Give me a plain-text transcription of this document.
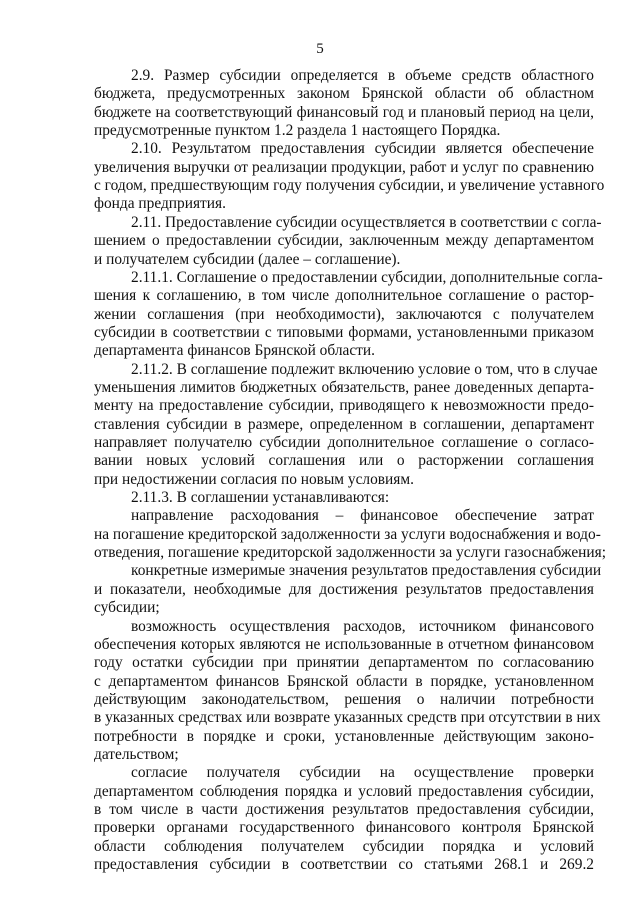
5
2.9. Размер субсидии определяется в объеме средств областного
бюджета, предусмотренных законом Брянской области об областном
бюджете на соответствующий финансовый год и плановый период на цели,
предусмотренные пунктом 1.2 раздела 1 настоящего Порядка.
2.10. Результатом предоставления субсидии является обеспечение
увеличения выручки от реализации продукции, работ и услуг по сравнению
с годом, предшествующим году получения субсидии, и увеличение уставного
фонда предприятия.
2.11. Предоставление субсидии осуществляется в соответствии с согла-
шением о предоставлении субсидии, заключенным между департаментом
и получателем субсидии (далее – соглашение).
2.11.1. Соглашение о предоставлении субсидии, дополнительные согла-
шения к соглашению, в том числе дополнительное соглашение о растор-
жении соглашения (при необходимости), заключаются с получателем
субсидии в соответствии с типовыми формами, установленными приказом
департамента финансов Брянской области.
2.11.2. В соглашение подлежит включению условие о том, что в случае
уменьшения лимитов бюджетных обязательств, ранее доведенных департа-
менту на предоставление субсидии, приводящего к невозможности предо-
ставления субсидии в размере, определенном в соглашении, департамент
направляет получателю субсидии дополнительное соглашение о согласо-
вании новых условий соглашения или о расторжении соглашения
при недостижении согласия по новым условиям.
2.11.3. В соглашении устанавливаются:
направление расходования – финансовое обеспечение затрат
на погашение кредиторской задолженности за услуги водоснабжения и водо-
отведения, погашение кредиторской задолженности за услуги газоснабжения;
конкретные измеримые значения результатов предоставления субсидии
и показатели, необходимые для достижения результатов предоставления
субсидии;
возможность осуществления расходов, источником финансового
обеспечения которых являются не использованные в отчетном финансовом
году остатки субсидии при принятии департаментом по согласованию
с департаментом финансов Брянской области в порядке, установленном
действующим законодательством, решения о наличии потребности
в указанных средствах или возврате указанных средств при отсутствии в них
потребности в порядке и сроки, установленные действующим законо-
дательством;
согласие получателя субсидии на осуществление проверки
департаментом соблюдения порядка и условий предоставления субсидии,
в том числе в части достижения результатов предоставления субсидии,
проверки органами государственного финансового контроля Брянской
области соблюдения получателем субсидии порядка и условий
предоставления субсидии в соответствии со статьями 268.1 и 269.2
